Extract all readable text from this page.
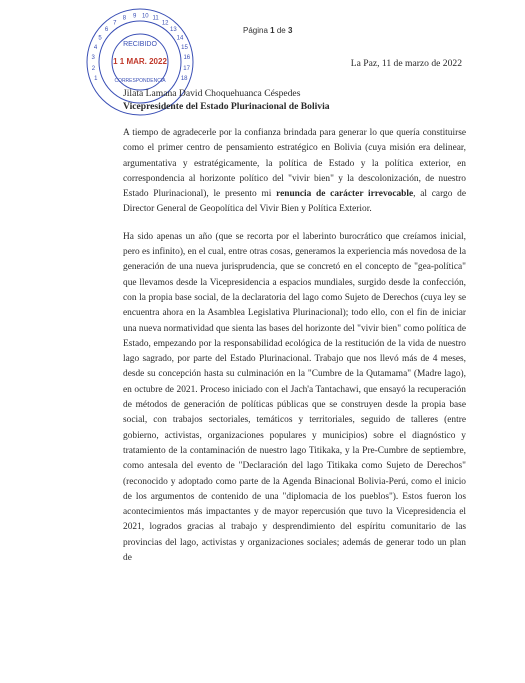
Página 1 de 3
1
2
3
4
5
6
7
8 9 10 11
12
13
14
15
16
17
18
RECIBIDO
1 1 MAR. 2022
CORRESPONDENCIA
La Paz, 11 de marzo de 2022
Jilata Lamana David Choquehuanca Céspedes
Vicepresidente del Estado Plurinacional de Bolivia

A tiempo de agradecerle por la confianza brindada para generar lo que quería constituirse como el primer centro de pensamiento estratégico en Bolivia (cuya misión era delinear, argumentativa y estratégicamente, la política de Estado y la política exterior, en correspondencia al horizonte político del "vivir bien" y la descolonización, de nuestro Estado Plurinacional), le presento mi renuncia de carácter irrevocable, al cargo de Director General de Geopolítica del Vivir Bien y Política Exterior.

Ha sido apenas un año (que se recorta por el laberinto burocrático que creíamos inicial, pero es infinito), en el cual, entre otras cosas, generamos la experiencia más novedosa de la generación de una nueva jurisprudencia, que se concretó en el concepto de "gea-política" que llevamos desde la Vicepresidencia a espacios mundiales, surgido desde la confección, con la propia base social, de la declaratoria del lago como Sujeto de Derechos (cuya ley se encuentra ahora en la Asamblea Legislativa Plurinacional); todo ello, con el fin de iniciar una nueva normatividad que sienta las bases del horizonte del "vivir bien" como política de Estado, empezando por la responsabilidad ecológica de la restitución de la vida de nuestro lago sagrado, por parte del Estado Plurinacional. Trabajo que nos llevó más de 4 meses, desde su concepción hasta su culminación en la "Cumbre de la Qutamama" (Madre lago), en octubre de 2021. Proceso iniciado con el Jach'a Tantachawi, que ensayó la recuperación de métodos de generación de políticas públicas que se construyen desde la propia base social, con trabajos sectoriales, temáticos y territoriales, seguido de talleres (entre gobierno, activistas, organizaciones populares y municipios) sobre el diagnóstico y tratamiento de la contaminación de nuestro lago Titikaka, y la Pre-Cumbre de septiembre, como antesala del evento de "Declaración del lago Titikaka como Sujeto de Derechos" (reconocido y adoptado como parte de la Agenda Binacional Bolivia-Perú, como el inicio de los argumentos de contenido de una "diplomacia de los pueblos"). Estos fueron los acontecimientos más impactantes y de mayor repercusión que tuvo la Vicepresidencia el 2021, logrados gracias al trabajo y desprendimiento del espíritu comunitario de las provincias del lago, activistas y organizaciones sociales; además de generar todo un plan de
